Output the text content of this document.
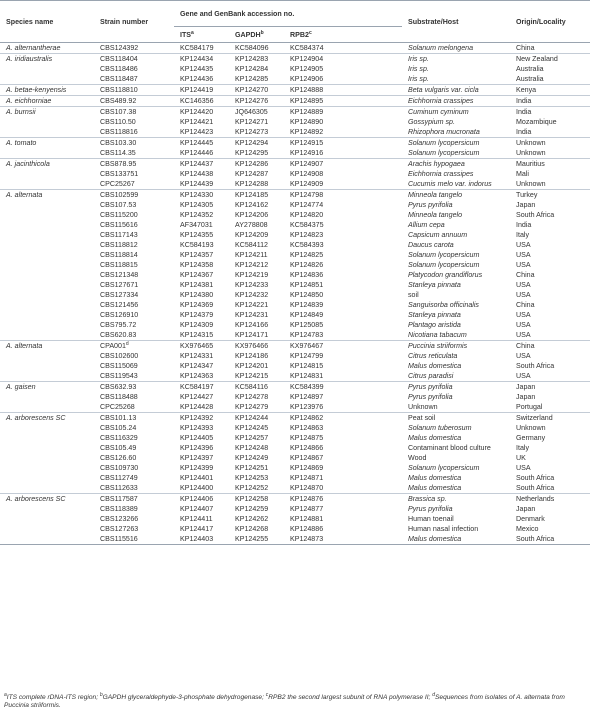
Species name	Strain number	Gene and GenBank accession no.			Substrate/Host	Origin/Locality
		ITS$^a$	GAPDH$^b$	RPB2$^c$
A. alternantherae	CBS124392	KC584179	KC584096	KC584374	Solanum melongena	China
A. iridiaustralis	CBS118404	KP124434	KP124283	KP124904	Iris sp.	New Zealand
	CBS118486	KP124435	KP124284	KP124905	Iris sp.	Australia
	CBS118487	KP124436	KP124285	KP124906	Iris sp.	Australia
A. betae-kenyensis	CBS118810	KP124419	KP124270	KP124888	Beta vulgaris var. cicla	Kenya
A. eichhorniae	CBS489.92	KC146356	KP124276	KP124895	Eichhornia crassipes	India
A. burnsii	CBS107.38	KP124420	JQ646305	KP124889	Cuminum cyminum	India
	CBS110.50	KP124421	KP124271	KP124890	Gossypium sp.	Mozambique
	CBS118816	KP124423	KP124273	KP124892	Rhizophora mucronata	India
A. tomato	CBS103.30	KP124445	KP124294	KP124915	Solanum lycopersicum	Unknown
	CBS114.35	KP124446	KP124295	KP124916	Solanum lycopersicum	Unknown
A. jacinthicola	CBS878.95	KP124437	KP124286	KP124907	Arachis hypogaea	Mauritius
	CBS133751	KP124438	KP124287	KP124908	Eichhornia crassipes	Mali
	CPC25267	KP124439	KP124288	KP124909	Cucumis melo var. indorus	Unknown
A. alternata	CBS102599	KP124330	KP124185	KP124798	Minneola tangelo	Turkey
	CBS107.53	KP124305	KP124162	KP124774	Pyrus pyrifolia	Japan
	CBS115200	KP124352	KP124206	KP124820	Minneola tangelo	South Africa
	CBS115616	AF347031	AY278808	KC584375	Allium cepa	India
	CBS117143	KP124355	KP124209	KP124823	Capsicum annuum	Italy
	CBS118812	KC584193	KC584112	KC584393	Daucus carota	USA
	CBS118814	KP124357	KP124211	KP124825	Solanum lycopersicum	USA
	CBS118815	KP124358	KP124212	KP124826	Solanum lycopersicum	USA
	CBS121348	KP124367	KP124219	KP124836	Platycodon grandiflorus	China
	CBS127671	KP124381	KP124233	KP124851	Stanleya pinnata	USA
	CBS127334	KP124380	KP124232	KP124850	soil	USA
	CBS121456	KP124369	KP124221	KP124839	Sanguisorba officinalis	China
	CBS126910	KP124379	KP124231	KP124849	Stanleya pinnata	USA
	CBS795.72	KP124309	KP124166	KP125085	Plantago aristida	USA
	CBS620.83	KP124315	KP124171	KP124783	Nicotiana tabacum	USA
A. alternata	CPA001$^d$	KX976465	KX976466	KX976467	Puccinia striiformis	China
	CBS102600	KP124331	KP124186	KP124799	Citrus reticulata	USA
	CBS115069	KP124347	KP124201	KP124815	Malus domestica	South Africa
	CBS119543	KP124363	KP124215	KP124831	Citrus paradisi	USA
A. gaisen	CBS632.93	KC584197	KC584116	KC584399	Pyrus pyrifolia	Japan
	CBS118488	KP124427	KP124278	KP124897	Pyrus pyrifolia	Japan
	CPC25268	KP124428	KP124279	KP123976	Unknown	Portugal
A. arborescens SC	CBS101.13	KP124392	KP124244	KP124862	Peat soil	Switzerland
	CBS105.24	KP124393	KP124245	KP124863	Solanum tuberosum	Unknown
	CBS116329	KP124405	KP124257	KP124875	Malus domestica	Germany
	CBS105.49	KP124396	KP124248	KP124866	Contaminant blood culture	Italy
	CBS126.60	KP124397	KP124249	KP124867	Wood	UK
	CBS109730	KP124399	KP124251	KP124869	Solanum lycopersicum	USA
	CBS112749	KP124401	KP124253	KP124871	Malus domestica	South Africa
	CBS112633	KP124400	KP124252	KP124870	Malus domestica	South Africa
A. arborescens SC	CBS117587	KP124406	KP124258	KP124876	Brassica sp.	Netherlands
	CBS118389	KP124407	KP124259	KP124877	Pyrus pyrifolia	Japan
	CBS123266	KP124411	KP124262	KP124881	Human toenail	Denmark
	CBS127263	KP124417	KP124268	KP124886	Human nasal infection	Mexico
	CBS115516	KP124403	KP124255	KP124873	Malus domestica	South Africa
$^a$ITS complete rDNA-ITS region; $^b$GAPDH glyceraldephyde-3-phosphate dehydrogenase; $^c$RPB2 the second largest subunit of RNA polymerase II; $^d$Sequences from isolates of A. alternata from Puccinia striiformis.
